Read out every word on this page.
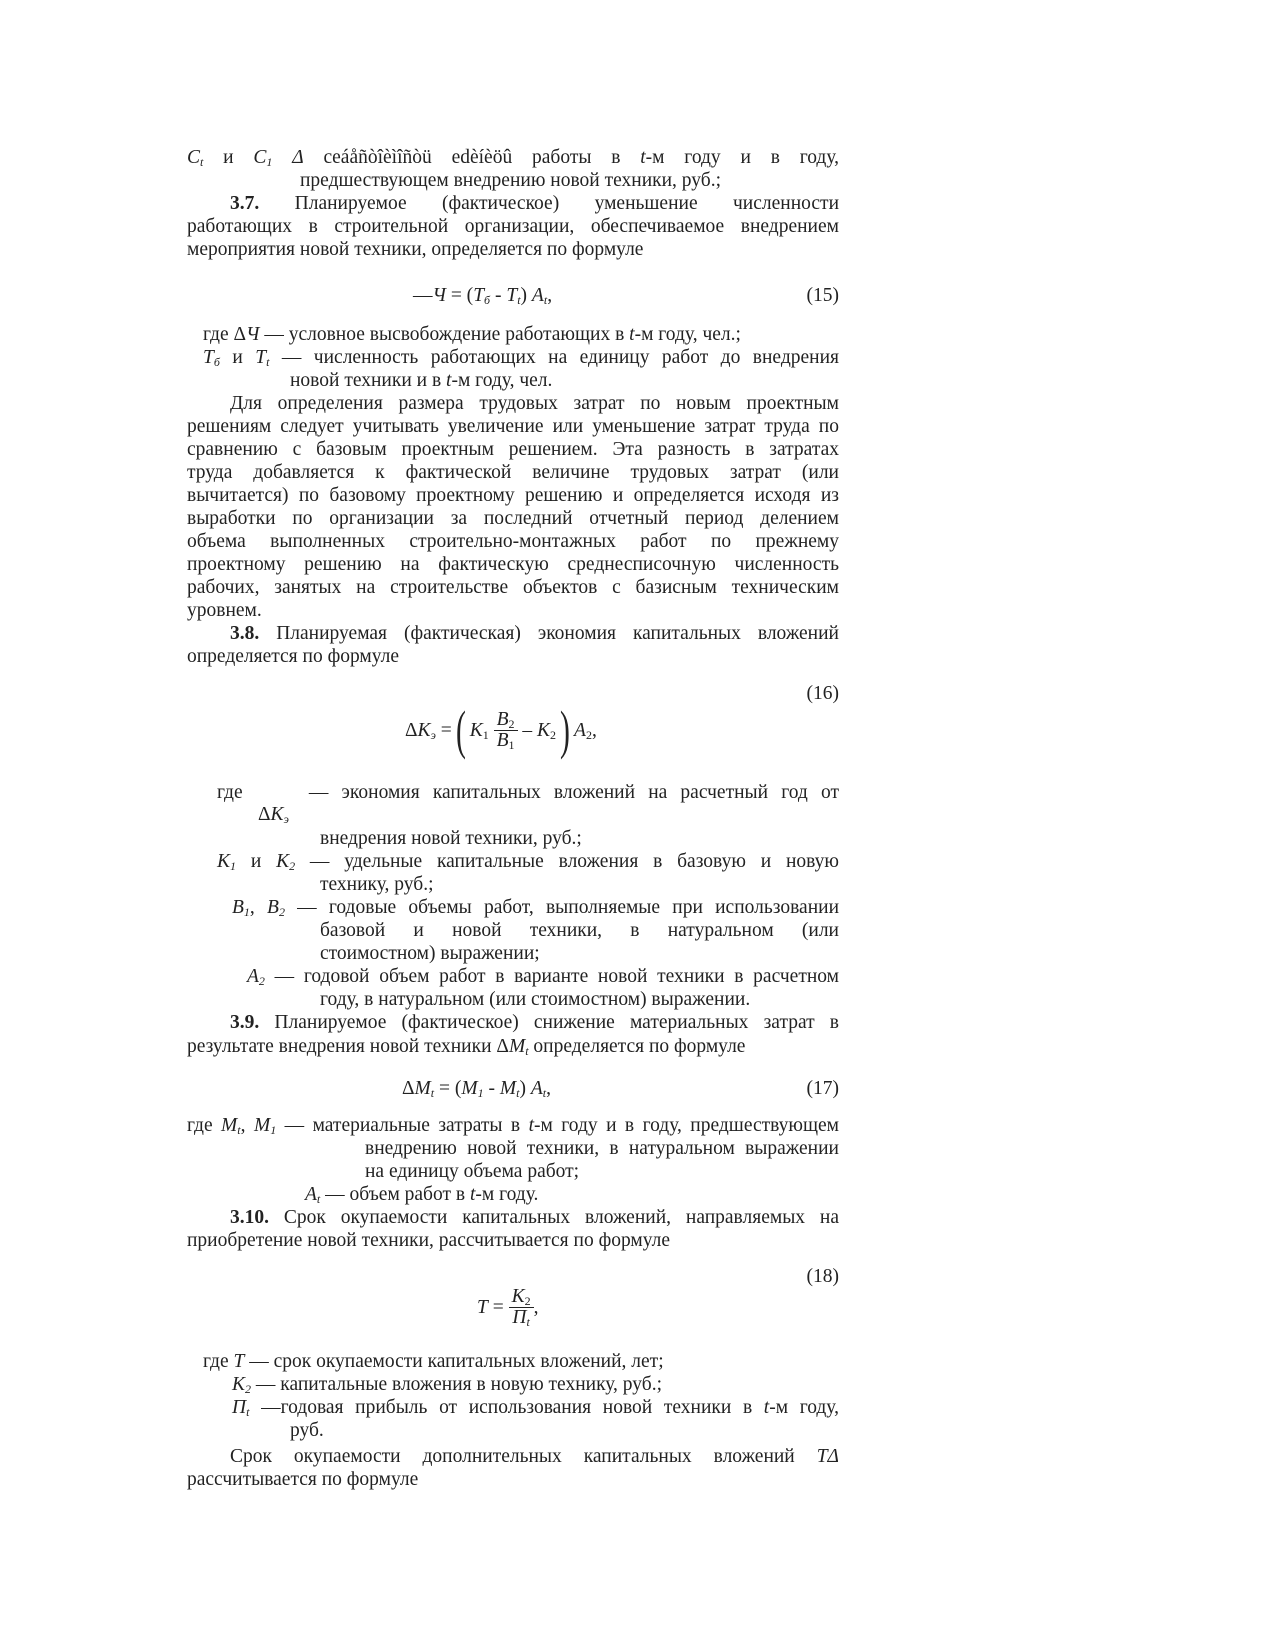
$C_t$ и $C_1$ Δ ceáåñòîèìîñòü edèíèöû работы в t-м году и в году,

предшествующем внедрению новой техники, руб.;

3.7. Планируемое (фактическое) уменьшение численности

работающих в строительной организации, обеспечиваемое внедрением

мероприятия новой техники, определяется по формуле

—Ч = $(Т_б - Т_t)$ $А_t$,	(15)

где ΔЧ — условное высвобождение работающих в t-м году, чел.;

$Т_б$ и $Т_t$ — численность работающих на единицу работ до внедрения

новой техники и в t-м году, чел.

Для определения размера трудовых затрат по новым проектным

решениям следует учитывать увеличение или уменьшение затрат труда по

сравнению с базовым проектным решением. Эта разность в затратах

труда добавляется к фактической величине трудовых затрат (или

вычитается) по базовому проектному решению и определяется исходя из

выработки по организации за последний отчетный период делением

объема выполненных строительно-монтажных работ по прежнему

проектному решению на фактическую среднесписочную численность

рабочих, занятых на строительстве объектов с базисным техническим

уровнем.

3.8. Планируемая (фактическая) экономия капитальных вложений

определяется по формуле

(16)
$\Delta K_э$ = ( $K_1 \frac{B_2}{B_1} - K_2$ ) $A_2$,

где  — экономия капитальных вложений на расчетный год от

$\Delta K_э$

внедрения новой техники, руб.;

$K_1$ и $K_2$ — удельные капитальные вложения в базовую и новую

технику, руб.;

$В_1$, $В_2$ — годовые объемы работ, выполняемые при использовании

базовой и новой техники, в натуральном (или

стоимостном) выражении;

$А_2$ — годовой объем работ в варианте новой техники в расчетном

году, в натуральном (или стоимостном) выражении.

3.9. Планируемое (фактическое) снижение материальных затрат в

результате внедрения новой техники $\Delta M_t$ определяется по формуле

$\Delta M_t = (M_1 - M_t)$ $A_t$,	(17)

где $М_t$, $М_1$ — материальные затраты в t-м году и в году, предшествующем

внедрению новой техники, в натуральном выражении

на единицу объема работ;

$А_t$ — объем работ в t-м году.

3.10. Срок окупаемости капитальных вложений, направляемых на

приобретение новой техники, рассчитывается по формуле

(18)
$T = \frac{K_2}{П_t}$ ,

где T — срок окупаемости капитальных вложений, лет;

$K_2$ — капитальные вложения в новую технику, руб.;

$П_t$ —годовая прибыль от использования новой техники в t-м году,

руб.

Срок окупаемости дополнительных капитальных вложений TΔ

рассчитывается по формуле
